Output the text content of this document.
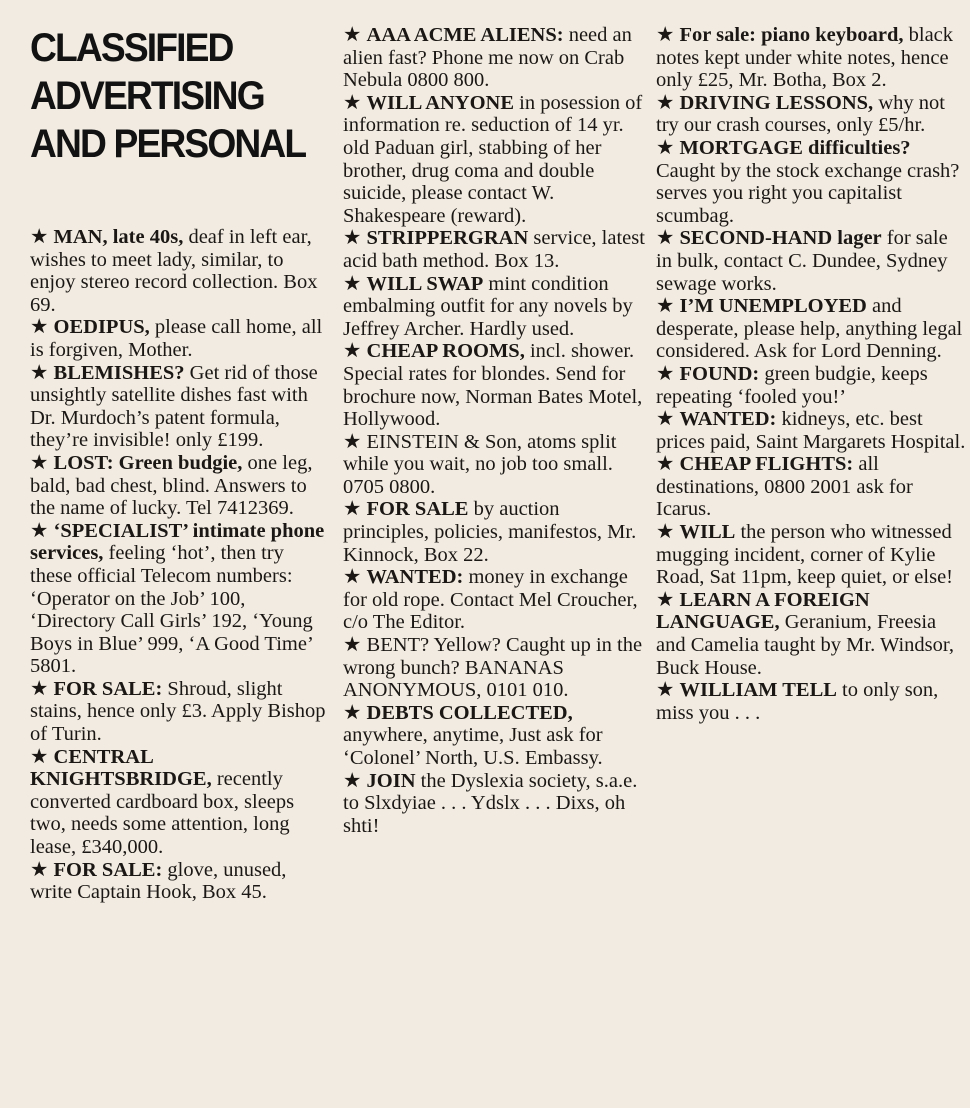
CLASSIFIED
ADVERTISING
AND PERSONAL

★ MAN, late 40s, deaf in left ear, wishes to meet lady, similar, to enjoy stereo record collection. Box 69.

★ OEDIPUS, please call home, all is forgiven, Mother.

★ BLEMISHES? Get rid of those unsightly satellite dishes fast with Dr. Murdoch’s patent formula, they’re invisible! only £199.

★ LOST: Green budgie, one leg, bald, bad chest, blind. Answers to the name of lucky. Tel 7412369.

★ ‘SPECIALIST’ intimate phone services, feeling ‘hot’, then try these official Telecom numbers: ‘Operator on the Job’ 100, ‘Directory Call Girls’ 192, ‘Young Boys in Blue’ 999, ‘A Good Time’ 5801.

★ FOR SALE: Shroud, slight stains, hence only £3. Apply Bishop of Turin.

★ CENTRAL KNIGHTSBRIDGE, recently converted cardboard box, sleeps two, needs some attention, long lease, £340,000.

★ FOR SALE: glove, unused, write Captain Hook, Box 45.

★ AAA ACME ALIENS: need an alien fast? Phone me now on Crab Nebula 0800 800.

★ WILL ANYONE in posession of information re. seduction of 14 yr. old Paduan girl, stabbing of her brother, drug coma and double suicide, please contact W. Shakespeare (reward).

★ STRIPPERGRAN service, latest acid bath method. Box 13.

★ WILL SWAP mint condition embalming outfit for any novels by Jeffrey Archer. Hardly used.

★ CHEAP ROOMS, incl. shower. Special rates for blondes. Send for brochure now, Norman Bates Motel, Hollywood.

★ EINSTEIN & Son, atoms split while you wait, no job too small. 0705 0800.

★ FOR SALE by auction principles, policies, manifestos, Mr. Kinnock, Box 22.

★ WANTED: money in exchange for old rope. Contact Mel Croucher, c/o The Editor.

★ BENT? Yellow? Caught up in the wrong bunch? BANANAS ANONYMOUS, 0101 010.

★ DEBTS COLLECTED, anywhere, anytime, Just ask for ‘Colonel’ North, U.S. Embassy.

★ JOIN the Dyslexia society, s.a.e. to Slxdyiae . . . Ydslx . . . Dixs, oh shti!

★ For sale: piano keyboard, black notes kept under white notes, hence only £25, Mr. Botha, Box 2.

★ DRIVING LESSONS, why not try our crash courses, only £5/hr.

★ MORTGAGE difficulties? Caught by the stock exchange crash? serves you right you capitalist scumbag.

★ SECOND-HAND lager for sale in bulk, contact C. Dundee, Sydney sewage works.

★ I’M UNEMPLOYED and desperate, please help, anything legal considered. Ask for Lord Denning.

★ FOUND: green budgie, keeps repeating ‘fooled you!’

★ WANTED: kidneys, etc. best prices paid, Saint Margarets Hospital.

★ CHEAP FLIGHTS: all destinations, 0800 2001 ask for Icarus.

★ WILL the person who witnessed mugging incident, corner of Kylie Road, Sat 11pm, keep quiet, or else!

★ LEARN A FOREIGN LANGUAGE, Geranium, Freesia and Camelia taught by Mr. Windsor, Buck House.

★ WILLIAM TELL to only son, miss you . . .
